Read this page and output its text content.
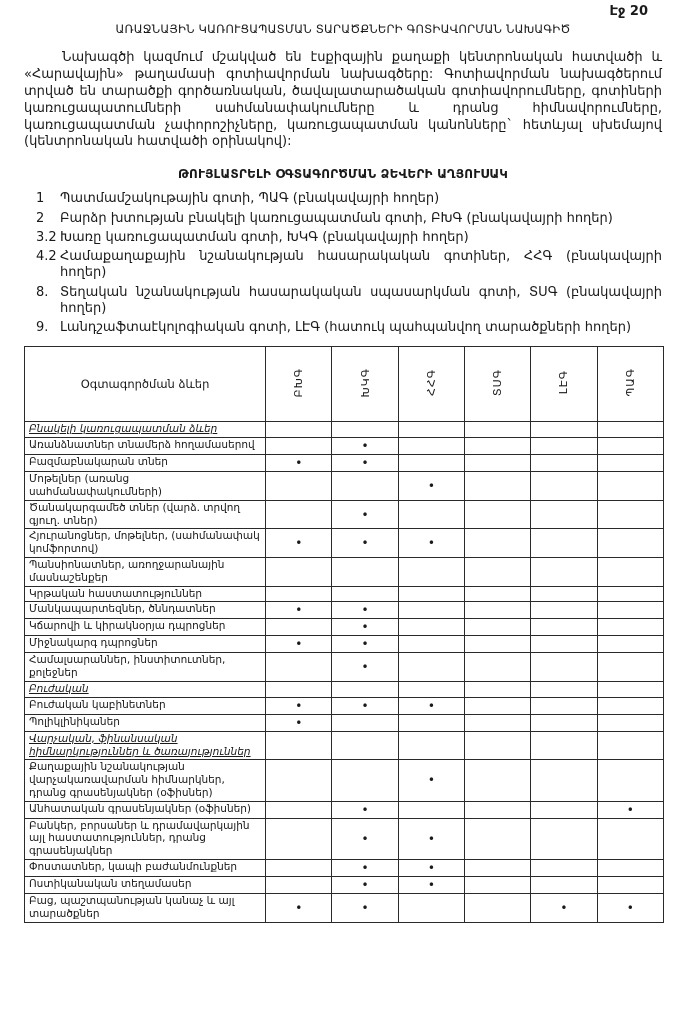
Էջ 20
ԱՌԱՋՆԱՅԻՆ ԿԱՌՈՒՑԱՊԱՏՄԱՆ ՏԱՐԱԾՔՆԵՐԻ ԳՈՏԻԱՎՈՐՄԱՆ ՆԱԽԱԳԻԾ
Նախագծի կազմում մշակված են էսքիզային քաղաքի կենտրոնական հատվածի և «Հարավային» թաղամասի գոտիավորման նախագծերը: Գոտիավորման նախագծերում տրված են տարածքի գործառնական, ծավալատարածական գոտիավորումները, գոտիների կառուցապատումների սահմանափակումները և դրանց հիմնավորումները, կառուցապատման չափորոշիչները, կառուցապատման կանոնները` հետևյալ սխեմայով (կենտրոնական հատվածի օրինակով):
ԹՈՒՅԼԱՏՐԵԼԻ ՕԳՏԱԳՈՐԾՄԱՆ ՁԵՎԵՐԻ ԱՂՅՈՒՍԱԿ
1	Պատմամշակութային գոտի, ՊԱԳ (բնակավայրի հողեր)
2	Բարձր խտության բնակելի կառուցապատման գոտի, ԲԽԳ (բնակավայրի հողեր)
3.2 Խառը կառուցապատման գոտի, ԽԿԳ (բնակավայրի հողեր)
4.2 Համաքաղաքային նշանակության հասարակական գոտիներ, ՀՀԳ (բնակավայրի հողեր)
8. Տեղական նշանակության հասարակական սպասարկման գոտի, ՏՍԳ (բնակավայրի հողեր)
9. Լանդշաֆտաէկոլոգիական գոտի, ԼԷԳ (հատուկ պահպանվող տարածքների հողեր)
Օգտագործման ձևեր	ԲԽԳ	ԽԿԳ	ՀՀԳ	ՏՍԳ	ԼԷԳ	ՊԱԳ
Բնակելի կառուցապատման ձևեր						
Առանձնատներ տնամերձ հողամասերով		•				
Բազմաբնակարան տներ	•	•				
Մոթելներ (առանց սահմանափակումների)			•			
Ծանակարգամեծ տներ (վարձ. տրվող գյուղ. տներ)		•				
Հյուրանոցներ, մոթելներ, (սահմանափակ կոմֆորտով)	•	•	•			
Պանսիոնատներ, առողջարանային մասնաշենքեր						
Կրթական հաստատություններ						
Մանկապարտեզներ, ծննդատներ	•	•				
Կճարովի և կիրակնօրյա դպրոցներ		•				
Միջնակարգ դպրոցներ	•	•				
Համալսարաններ, ինստիտուտներ, քոլեջներ		•				
Բուժական						
Բուժական կաբինետներ	•	•	•			
Պոլիկլինիկաներ	•					
Վարչական, ֆինանսական հիմնարկություններ և ծառայություններ						
Քաղաքային նշանակության վարչակառավարման հիմնարկներ, դրանց գրասենյակներ (օֆիսներ)			•			
Անհատական գրասենյակներ (օֆիսներ)		•				•
Բանկեր, բորսաներ և դրամավարկային այլ հաստատություններ, դրանց գրասենյակներ		•	•			
Փոստատներ, կապի բաժանմունքներ		•	•			
Ոստիկանական տեղամասեր		•	•			
Բաց, պաշտպանության կանաչ և այլ տարածքներ	•	•			•	•
